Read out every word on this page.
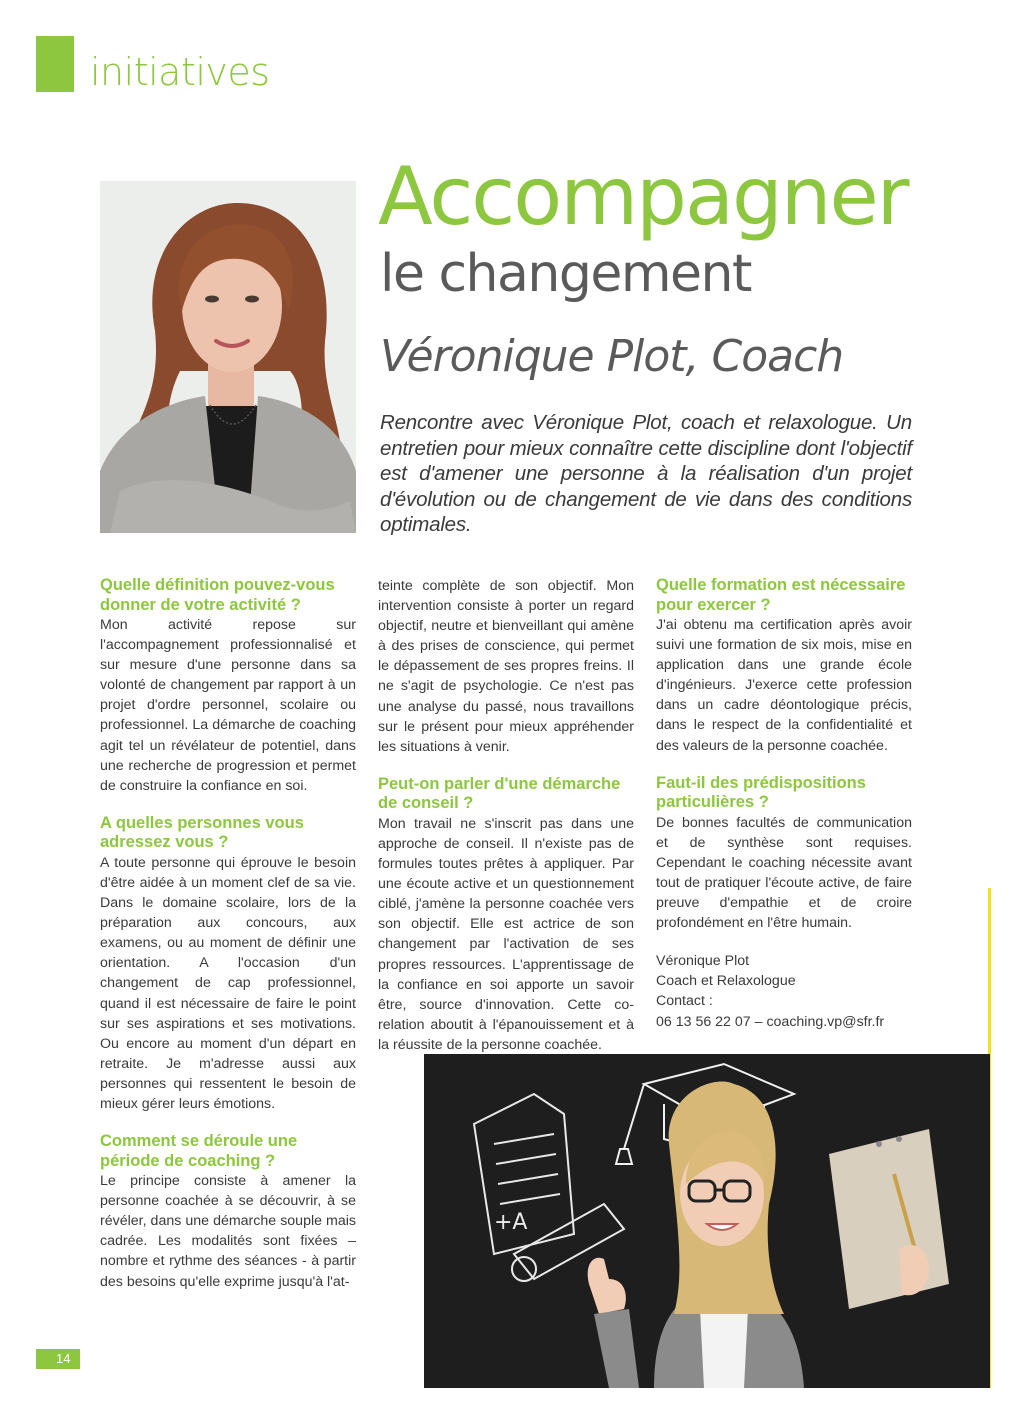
initiatives
Accompagner
le changement
Véronique Plot, Coach

Rencontre avec Véronique Plot, coach et relaxologue. Un entretien pour mieux connaître cette discipline dont l'objectif est d'amener une personne à la réalisation d'un projet d'évolution ou de changement de vie dans des conditions optimales.

Quelle définition pouvez-vous donner de votre activité ?

Mon activité repose sur l'accompagnement professionnalisé et sur mesure d'une personne dans sa volonté de changement par rapport à un projet d'ordre personnel, scolaire ou professionnel. La démarche de coaching agit tel un révélateur de potentiel, dans une recherche de progression et permet de construire la confiance en soi.

A quelles personnes vous adressez vous ?

A toute personne qui éprouve le besoin d'être aidée à un moment clef de sa vie. Dans le domaine scolaire, lors de la préparation aux concours, aux examens, ou au moment de définir une orientation. A l'occasion d'un changement de cap professionnel, quand il est nécessaire de faire le point sur ses aspirations et ses motivations. Ou encore au moment d'un départ en retraite. Je m'adresse aussi aux personnes qui ressentent le besoin de mieux gérer leurs émotions.

Comment se déroule une période de coaching ?

Le principe consiste à amener la personne coachée à se découvrir, à se révéler, dans une démarche souple mais cadrée. Les modalités sont fixées – nombre et rythme des séances - à partir des besoins qu'elle exprime jusqu'à l'at-

teinte complète de son objectif. Mon intervention consiste à porter un regard objectif, neutre et bienveillant qui amène à des prises de conscience, qui permet le dépassement de ses propres freins. Il ne s'agit de psychologie. Ce n'est pas une analyse du passé, nous travaillons sur le présent pour mieux appréhender les situations à venir.

Peut-on parler d'une démarche de conseil ?

Mon travail ne s'inscrit pas dans une approche de conseil. Il n'existe pas de formules toutes prêtes à appliquer. Par une écoute active et un questionnement ciblé, j'amène la personne coachée vers son objectif. Elle est actrice de son changement par l'activation de ses propres ressources. L'apprentissage de la confiance en soi apporte un savoir être, source d'innovation. Cette co-relation aboutit à l'épanouissement et à la réussite de la personne coachée.

Quelle formation est nécessaire pour exercer ?

J'ai obtenu ma certification après avoir suivi une formation de six mois, mise en application dans une grande école d'ingénieurs. J'exerce cette profession dans un cadre déontologique précis, dans le respect de la confidentialité et des valeurs de la personne coachée.

Faut-il des prédispositions particulières ?

De bonnes facultés de communication et de synthèse sont requises. Cependant le coaching nécessite avant tout de pratiquer l'écoute active, de faire preuve d'empathie et de croire profondément en l'être humain.

Véronique Plot

Coach et Relaxologue

Contact :

06 13 56 22 07 – coaching.vp@sfr.fr

+A
14
